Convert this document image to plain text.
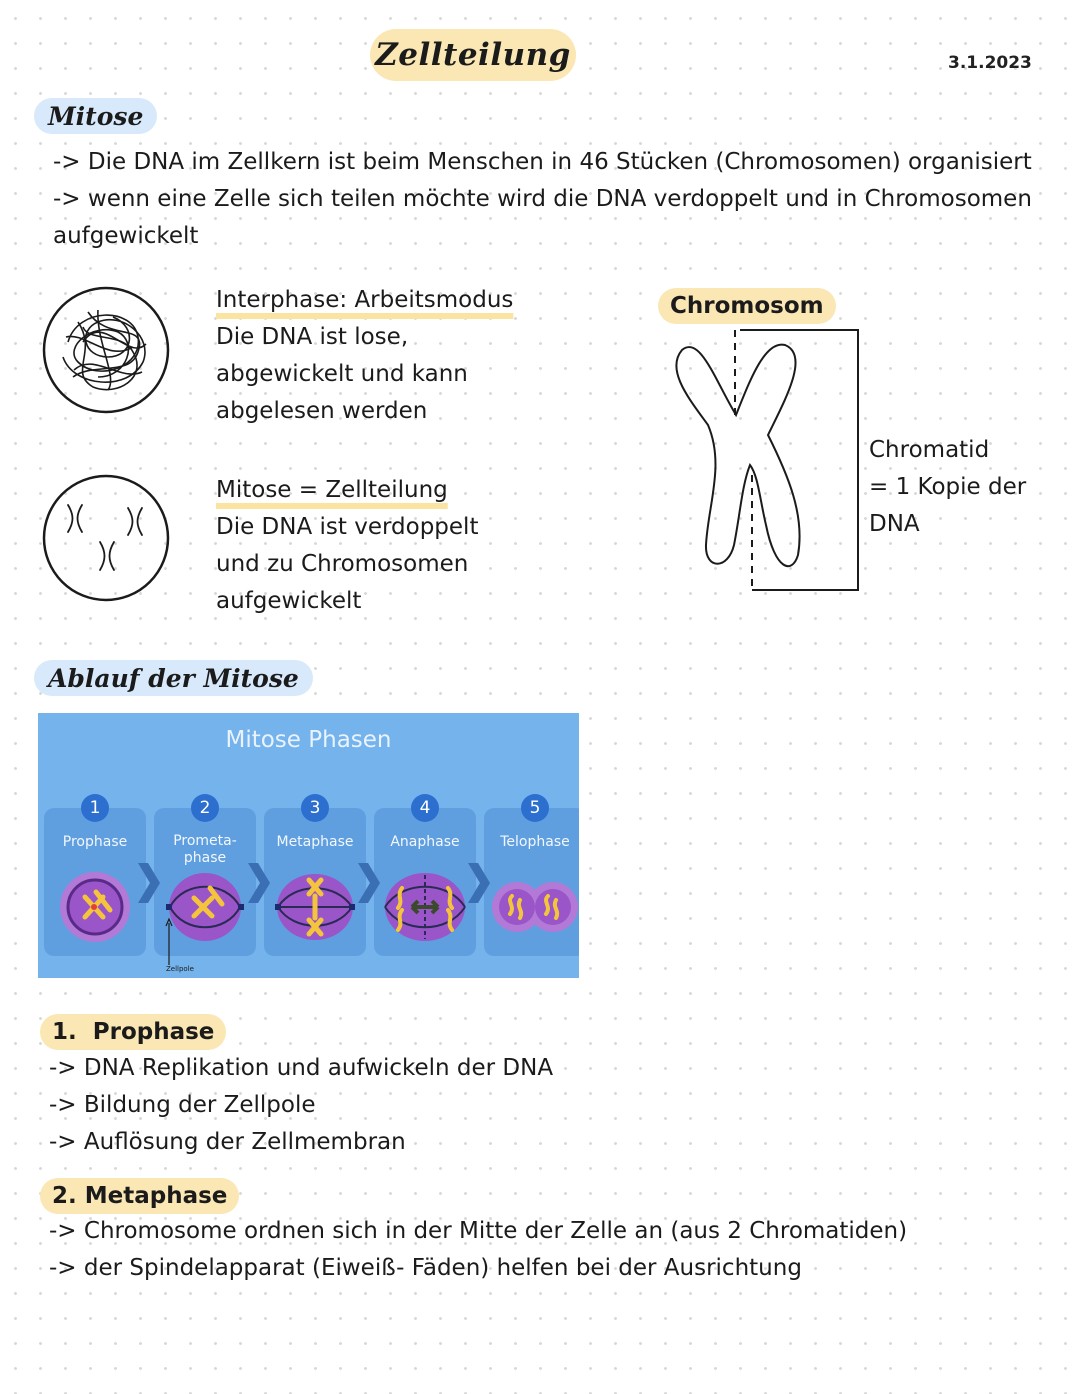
Zellteilung	3.1.2023
Mitose
-> Die DNA im Zellkern ist beim Menschen in 46 Stücken (Chromosomen) organisiert
-> wenn eine Zelle sich teilen möchte wird die DNA verdoppelt und in Chromosomen
aufgewickelt
Interphase: Arbeitsmodus
Die DNA ist lose,
abgewickelt und kann
abgelesen werden
Mitose = Zellteilung
Die DNA ist verdoppelt
und zu Chromosomen
aufgewickelt
Chromosom
Chromatid
= 1 Kopie der
DNA
Ablauf der Mitose
Mitose Phasen
1
Prophase
2
Prometa-
phase
3
Metaphase
4
Anaphase
5
Telophase
Zellpole
1.  Prophase
-> DNA Replikation und aufwickeln der DNA
-> Bildung der Zellpole
-> Auflösung der Zellmembran
2. Metaphase
-> Chromosome ordnen sich in der Mitte der Zelle an (aus 2 Chromatiden)
-> der Spindelapparat (Eiweiß- Fäden) helfen bei der Ausrichtung
